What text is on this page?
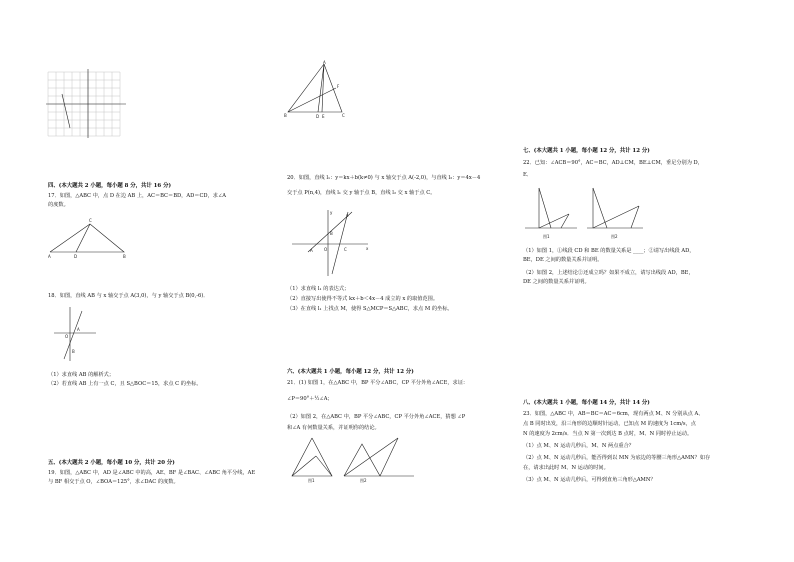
四、(本大题共 2 小题，每小题 8 分，共计 16 分)
17．如图，△ABC 中，点 D 在边 AB 上，AC＝BC＝BD，AD＝CD，求∠A
的度数。
A	D	B
C
18．如图，直线 AB 与 x 轴交于点 A(3,0)，与 y 轴交于点 B(0,-6)．
A
B
O
（1）求直线 AB 的解析式；
（2）若直线 AB 上有一点 C，且 S△BOC＝15，求点 C 的坐标。
五、(本大题共 2 小题，每小题 10 分，共计 20 分)
19．如图，△ABC 中，AD 是∠ABC 中的高，AE、BF 是∠BAC、∠ABC 角平分线，AE
与 BF 相交于点 O，∠BOA＝125°，求∠DAC 的度数。
A
B	C
D E
F
20．如图，直线 l₁：y＝kx＋b(k≠0) 与 x 轴交于点 A(-2,0)，与直线 l₂：y＝4x－4
交于点 P(n,4)，直线 l₁ 交 y 轴于点 B，直线 l₂ 交 x 轴于点 C。
A	O	C
B
P
x
y
（1）求直线 l₁ 的表达式；
（2）直接写出使得不等式 kx＋b＜4x－4 成立的 x 的取值范围。
（3）在直线 l₁ 上找点 M，使得 S△MCP＝S△ABC，求点 M 的坐标。
六、(本大题共 1 小题，每小题 12 分，共计 12 分)
21．(1) 如图 1，在△ABC 中，BP 平分∠ABC，CP 平分外角∠ACE，求证：
∠P＝90°＋½∠A；
（2）如图 2，在△ABC 中，BP 平分∠ABC，CP 平分外角∠ACE，猜想 ∠P
和∠A 有何数量关系，并证明你的结论。
图1	图2
七、(本大题共 1 小题，每小题 12 分，共计 12 分)
22．已知：∠ACB＝90°，AC＝BC，AD⊥CM，BE⊥CM，垂足分别为 D，
E．
图1	图2
（1）如图 1，①线段 CD 和 BE 的数量关系是 ____；②请写出线段 AD，
BE，DE 之间的数量关系并证明。
（2）如图 2，上述结论②还成立吗？如果不成立，请写出线段 AD，BE，
DE 之间的数量关系并证明。
八、(本大题共 1 小题，每小题 14 分，共计 14 分)
23．如图，△ABC 中，AB＝BC＝AC＝6cm，现有两点 M、N 分别从点 A、
点 B 同时出发，沿三角形的边顺时针运动，已知点 M 的速度为 1cm/s，点
N 的速度为 2cm/s．当点 N 第一次到达 B 点时，M、N 同时停止运动。
（1）点 M、N 运动几秒后，M、N 两点重合？
（2）点 M、N 运动几秒后，能否得到以 MN 为底边的等腰三角形△AMN？如存
在，请求出此时 M、N 运动的时间。
（3）点 M、N 运动几秒后，可得到直角三角形△AMN？
